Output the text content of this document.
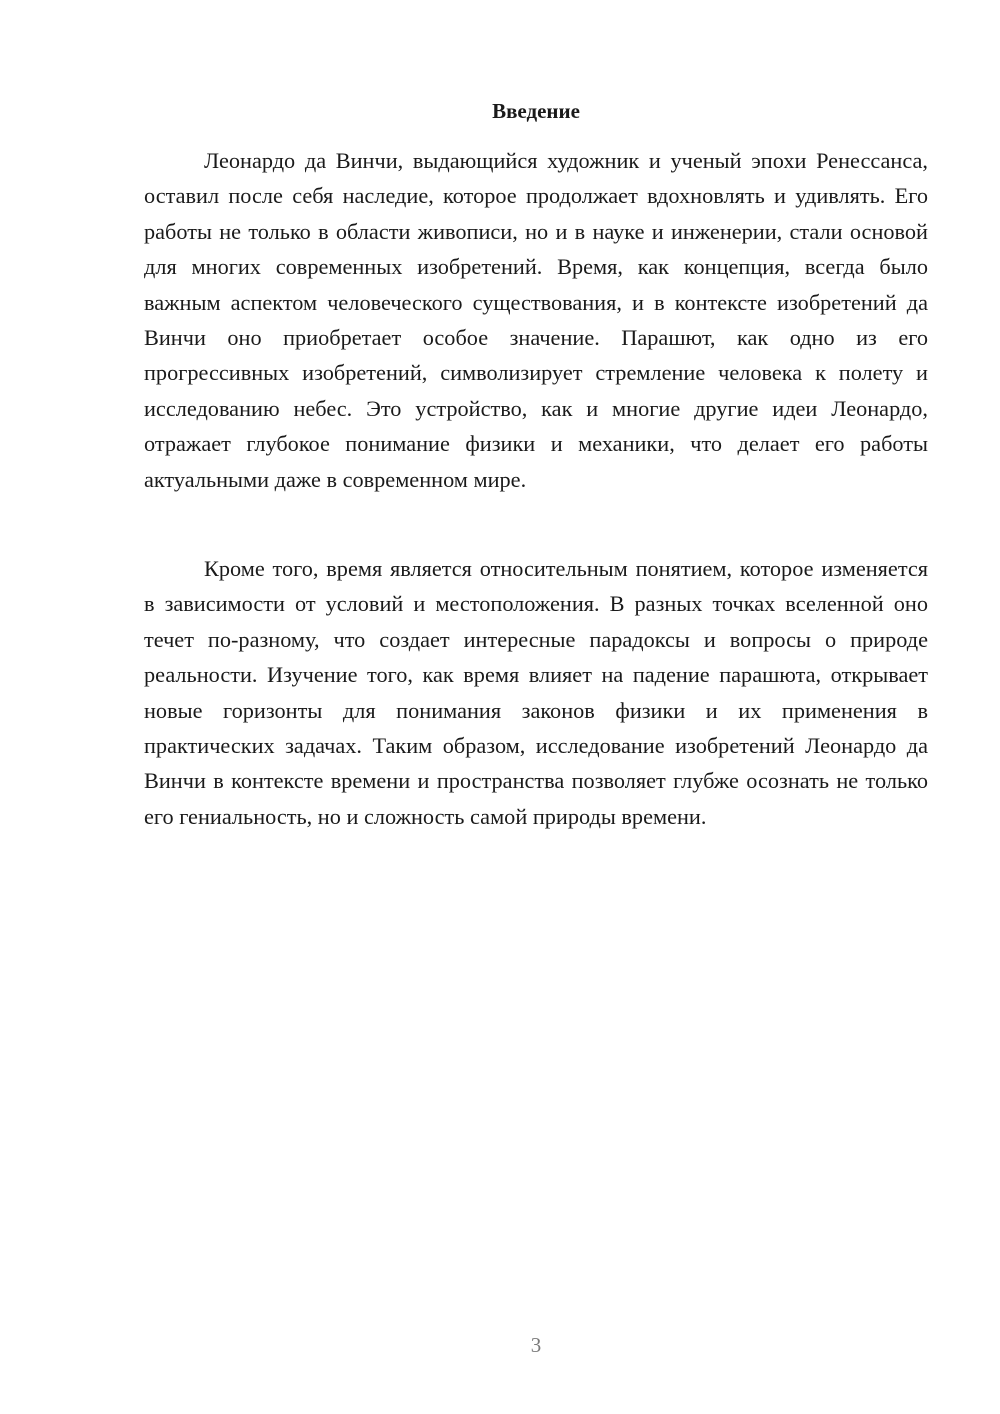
Введение

Леонардо да Винчи, выдающийся художник и ученый эпохи Ренессанса, оставил после себя наследие, которое продолжает вдохновлять и удивлять. Его работы не только в области живописи, но и в науке и инженерии, стали основой для многих современных изобретений. Время, как концепция, всегда было важным аспектом человеческого существования, и в контексте изобретений да Винчи оно приобретает особое значение. Парашют, как одно из его прогрессивных изобретений, символизирует стремление человека к полету и исследованию небес. Это устройство, как и многие другие идеи Леонардо, отражает глубокое понимание физики и механики, что делает его работы актуальными даже в современном мире.

Кроме того, время является относительным понятием, которое изменяется в зависимости от условий и местоположения. В разных точках вселенной оно течет по-разному, что создает интересные парадоксы и вопросы о природе реальности. Изучение того, как время влияет на падение парашюта, открывает новые горизонты для понимания законов физики и их применения в практических задачах. Таким образом, исследование изобретений Леонардо да Винчи в контексте времени и пространства позволяет глубже осознать не только его гениальность, но и сложность самой природы времени.

3
